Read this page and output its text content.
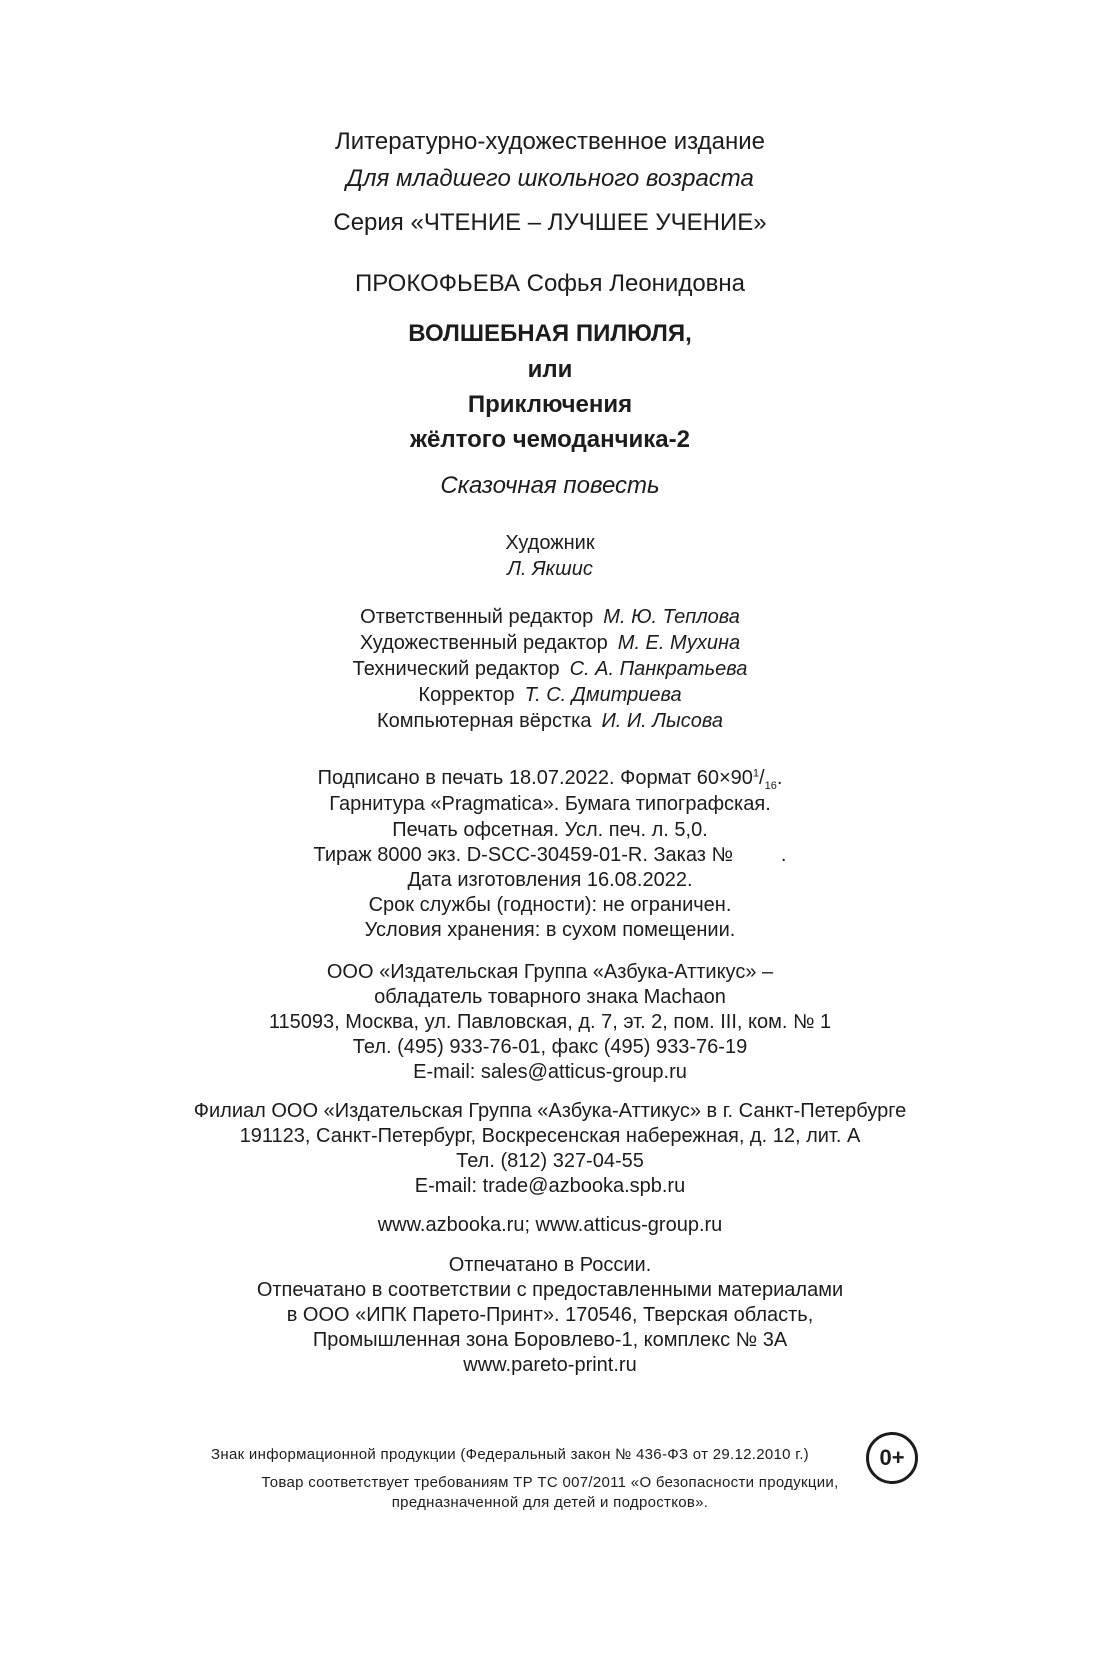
Литературно-художественное издание
Для младшего школьного возраста
Серия «ЧТЕНИЕ – ЛУЧШЕЕ УЧЕНИЕ»
ПРОКОФЬЕВА Софья Леонидовна
ВОЛШЕБНАЯ ПИЛЮЛЯ,
или
Приключения
жёлтого чемоданчика-2
Сказочная повесть
Художник
Л. Якшис
Ответственный редактор М. Ю. Теплова
Художественный редактор М. Е. Мухина
Технический редактор С. А. Панкратьева
Корректор Т. С. Дмитриева
Компьютерная вёрстка И. И. Лысова
Подписано в печать 18.07.2022. Формат $60\times 90^1/_{16}$.
Гарнитура «Pragmatica». Бумага типографская.
Печать офсетная. Усл. печ. л. 5,0.
Тираж 8000 экз. D-SCC-30459-01-R. Заказ № .
Дата изготовления 16.08.2022.
Срок службы (годности): не ограничен.
Условия хранения: в сухом помещении.
ООО «Издательская Группа «Азбука-Аттикус» –
обладатель товарного знака Machaon
115093, Москва, ул. Павловская, д. 7, эт. 2, пом. III, ком. № 1
Тел. (495) 933-76-01, факс (495) 933-76-19
E-mail: sales@atticus-group.ru
Филиал ООО «Издательская Группа «Азбука-Аттикус» в г. Санкт-Петербурге
191123, Санкт-Петербург, Воскресенская набережная, д. 12, лит. А
Тел. (812) 327-04-55
E-mail: trade@azbooka.spb.ru
www.azbooka.ru; www.atticus-group.ru
Отпечатано в России.
Отпечатано в соответствии с предоставленными материалами
в ООО «ИПК Парето-Принт». 170546, Тверская область,
Промышленная зона Боровлево-1, комплекс № 3А
www.pareto-print.ru
Знак информационной продукции (Федеральный закон № 436-ФЗ от 29.12.2010 г.)	0+
Товар соответствует требованиям ТР ТС 007/2011 «О безопасности продукции,
предназначенной для детей и подростков».
